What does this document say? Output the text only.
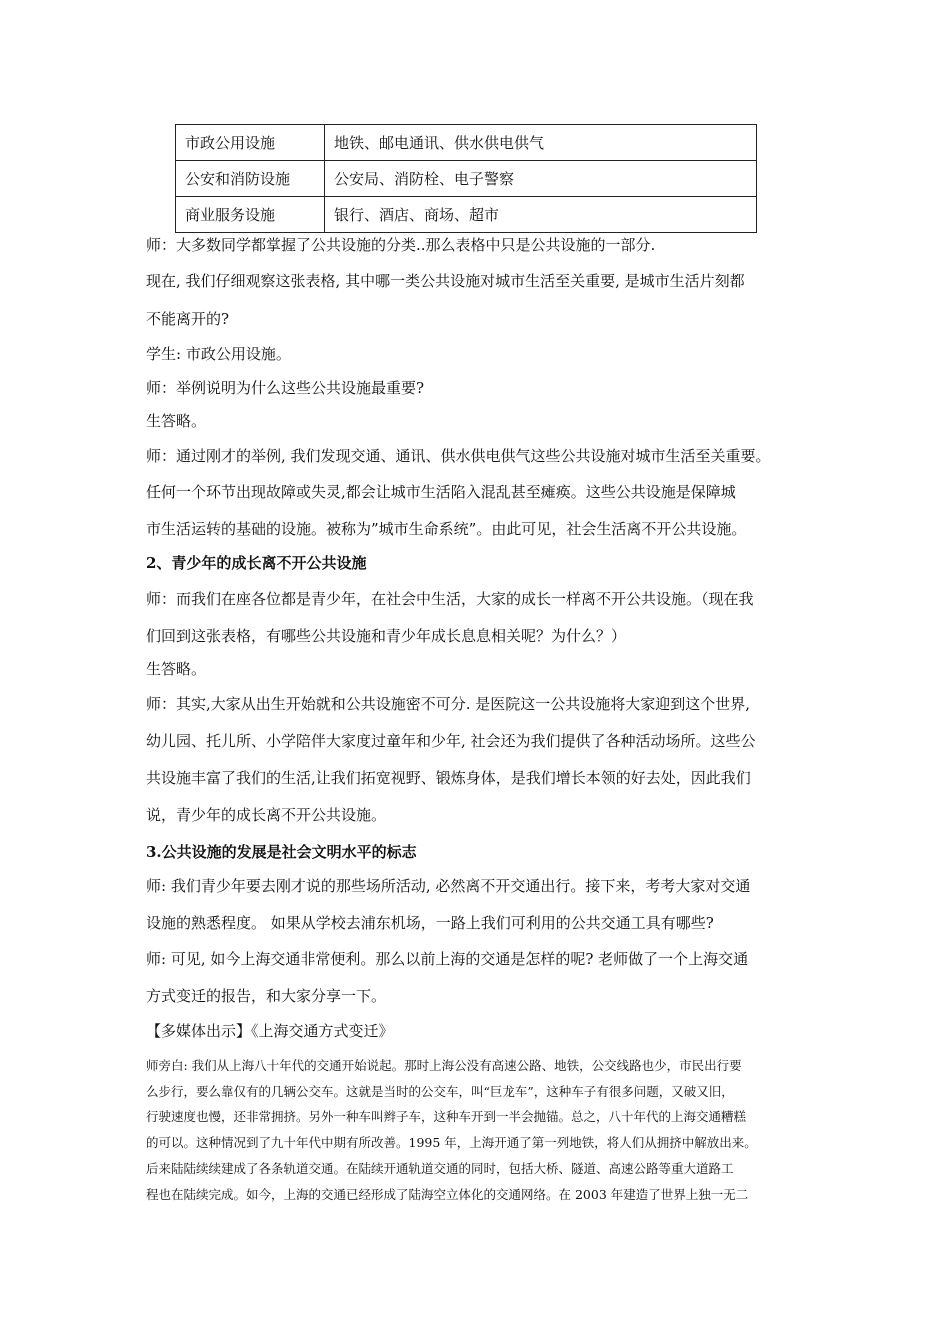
市政公用设施	地铁、邮电通讯、供水供电供气
公安和消防设施	公安局、消防栓、电子警察
商业服务设施	银行、酒店、商场、超市
师：大多数同学都掌握了公共设施的分类..那么表格中只是公共设施的一部分.
现在, 我们仔细观察这张表格, 其中哪一类公共设施对城市生活至关重要, 是城市生活片刻都
不能离开的?
学生: 市政公用设施。
师：举例说明为什么这些公共设施最重要?
生答略。
师：通过刚才的举例, 我们发现交通、通讯、供水供电供气这些公共设施对城市生活至关重要。
任何一个环节出现故障或失灵,都会让城市生活陷入混乱甚至瘫痪。这些公共设施是保障城
市生活运转的基础的设施。被称为”城市生命系统”。由此可见，社会生活离不开公共设施。
2、青少年的成长离不开公共设施
师：而我们在座各位都是青少年，在社会中生活，大家的成长一样离不开公共设施。（现在我
们回到这张表格，有哪些公共设施和青少年成长息息相关呢？为什么？）
生答略。
师：其实,大家从出生开始就和公共设施密不可分. 是医院这一公共设施将大家迎到这个世界,
幼儿园、托儿所、小学陪伴大家度过童年和少年, 社会还为我们提供了各种活动场所。这些公
共设施丰富了我们的生活,让我们拓宽视野、锻炼身体，是我们增长本领的好去处，因此我们
说，青少年的成长离不开公共设施。
3.公共设施的发展是社会文明水平的标志
师: 我们青少年要去刚才说的那些场所活动, 必然离不开交通出行。接下来，考考大家对交通
设施的熟悉程度。 如果从学校去浦东机场，一路上我们可利用的公共交通工具有哪些?
师: 可见, 如今上海交通非常便利。那么以前上海的交通是怎样的呢? 老师做了一个上海交通
方式变迁的报告，和大家分享一下。
【多媒体出示】《上海交通方式变迁》
师旁白: 我们从上海八十年代的交通开始说起。那时上海公没有高速公路、地铁，公交线路也少，市民出行要
么步行，要么靠仅有的几辆公交车。这就是当时的公交车，叫“巨龙车”，这种车子有很多问题，又破又旧，
行驶速度也慢，还非常拥挤。另外一种车叫辫子车，这种车开到一半会抛锚。总之，八十年代的上海交通糟糕
的可以。这种情况到了九十年代中期有所改善。1995 年，上海开通了第一列地铁，将人们从拥挤中解放出来。
后来陆陆续续建成了各条轨道交通。在陆续开通轨道交通的同时，包括大桥、隧道、高速公路等重大道路工
程也在陆续完成。如今，上海的交通已经形成了陆海空立体化的交通网络。在 2003 年建造了世界上独一无二
